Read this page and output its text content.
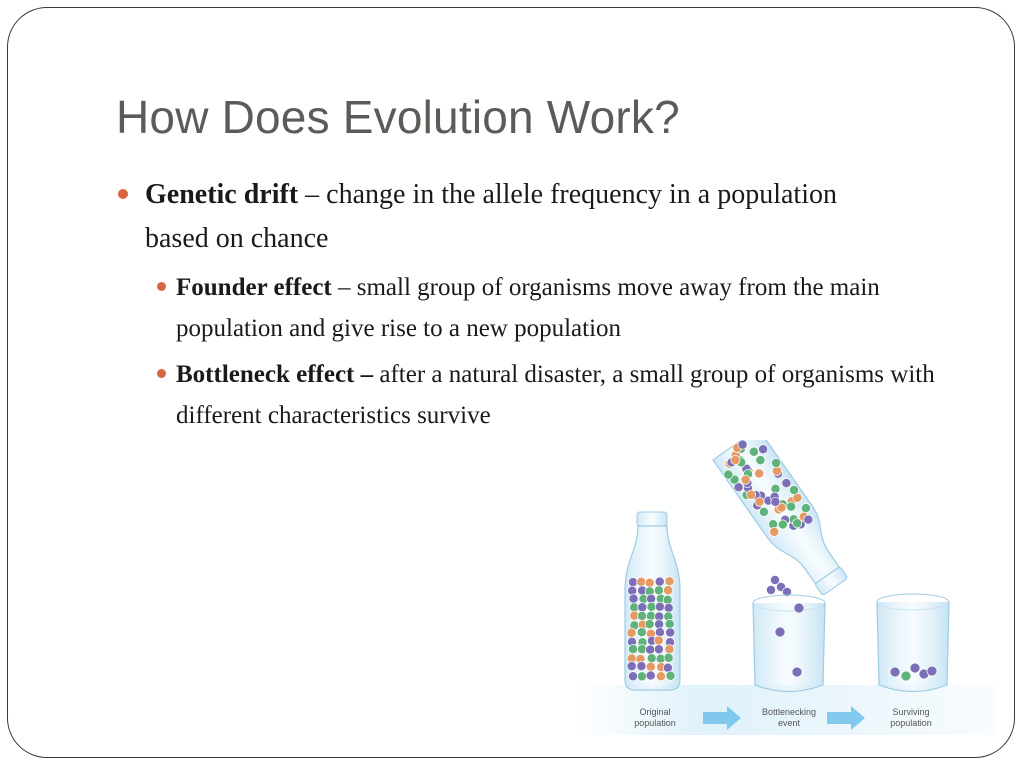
How Does Evolution Work?
Genetic drift – change in the allele frequency in a population based on chance
Founder effect – small group of organisms move away from the main population and give rise to a new population
Bottleneck effect – after a natural disaster, a small group of organisms with different characteristics survive
Original
population
Bottlenecking
event
Surviving
population
